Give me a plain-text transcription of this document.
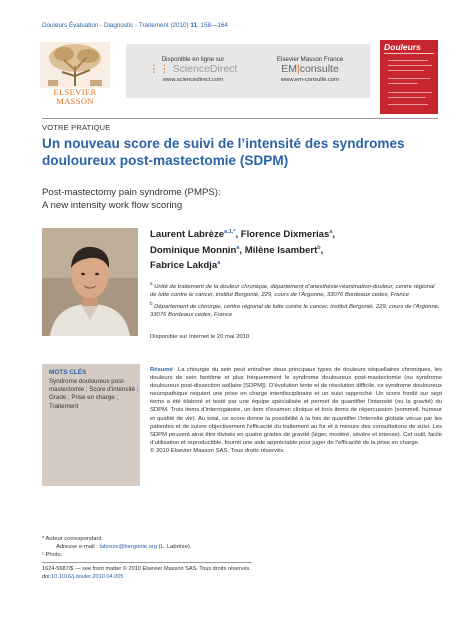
Douleurs Évaluation - Diagnostic - Traitement (2010) 11, 158—164
ELSEVIER MASSON
Disponible en ligne sur
⋮⋮ ScienceDirect
www.sciencedirect.com
Elsevier Masson France
EM|consulte
www.em-consulte.com
Douleurs
VOTRE PRATIQUE
Un nouveau score de suivi de l’intensité des syndromes douloureux post-mastectomie (SDPM)
Post-mastectomy pain syndrome (PMPS):
A new intensity work flow scoring
Laurent Labrèze$^{a,1,*}$, Florence Dixmerias$^a$,
Dominique Monnin$^a$, Milène Isambert$^b$,
Fabrice Lakdja$^a$
$^a$ Unité de traitement de la douleur chronique, département d’anesthésie-réanimation-douleur, centre régional de lutte contre le cancer, institut Bergonié, 229, cours de l’Argonne, 33076 Bordeaux cedex, France
$^b$ Département de chirurgie, centre régional de lutte contre le cancer, institut Bergonié, 229, cours de l’Argonne, 33076 Bordeaux cedex, France
Disponible sur Internet le 20 mai 2010
MOTS CLÉS
Syndrome douloureux post-mastectomie ; Score d’intensité ; Grade ; Prise en charge ; Traitement
Résumé La chirurgie du sein peut entraîner deux principaux types de douleurs séquellaires chroniques, les douleurs de sein fantôme et plus fréquemment le syndrome douloureux post-mastectomie (ou syndrome douloureux post-dissection axillaire [SDPM]). D’évolution lente et de résolution difficile, ce syndrome douloureux neuropathique requiert une prise en charge interdisciplinaire et un suivi rapproché. Un score fondé sur sept items a été élaboré et testé par une équipe spécialisée et permet de quantifier l’intensité (ou la gravité) du SDPM. Trois items d’interrogatoire, un item d’examen clinique et trois items de répercussion (sommeil, humeur et qualité de vie). Au total, ce score donne la possibilité à la fois de quantifier l’intensité globale vécue par les patientes et de suivre objectivement l’efficacité du traitement au fur et à mesure des consultations de suivi. Les SDPM peuvent ainsi être divisés en quatre grades de gravité (léger, modéré, sévère et intense). Cet outil, facile d’utilisation et reproductible, fournit une aide appréciable pour juger de l’efficacité de la prise en charge.
© 2010 Elsevier Masson SAS. Tous droits réservés.
* Auteur correspondant.
Adresse e-mail : labreze@bergonie.org (L. Labrèze).
¹ Photo.
1624-5687/$ — see front matter © 2010 Elsevier Masson SAS. Tous droits réservés.
doi:10.1016/j.douler.2010.04.005
